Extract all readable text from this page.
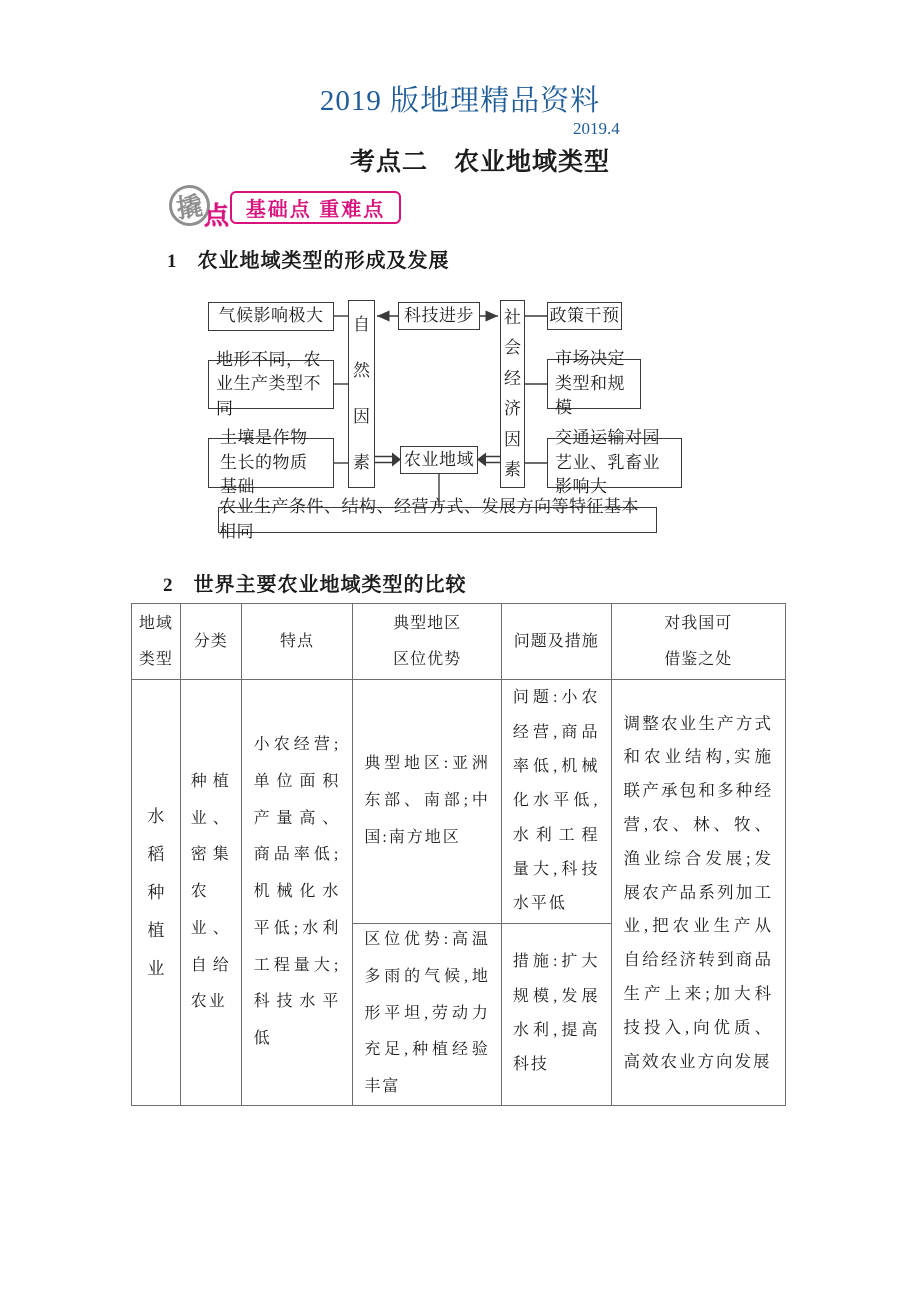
2019 版地理精品资料
2019.4
考点二　农业地域类型
撬 点 基础点 重难点
1 农业地域类型的形成及发展
气候影响极大
地形不同，农业生产类型不同
土壤是作物生长的物质基础
自然因素
科技进步
农业地域
社会经济因素
政策干预
市场决定类型和规模
交通运输对园艺业、乳畜业影响大
农业生产条件、结构、经营方式、发展方向等特征基本相同
2 世界主要农业地域类型的比较
地域
类型
分类	特点
典型地区
区位优势
问题及措施
对我国可
借鉴之处
水稻种植业
种植业、密集农业、自给农业
小农经营;单位面积产量高、商品率低;机械化水平低;水利工程量大;科技水平低
典型地区:亚洲东部、南部;中国:南方地区
区位优势:高温多雨的气候,地形平坦,劳动力充足,种植经验丰富
问题:小农经营,商品率低,机械化水平低,水利工程量大,科技水平低
措施:扩大规模,发展水利,提高科技
调整农业生产方式和农业结构,实施联产承包和多种经营,农、林、牧、渔业综合发展;发展农产品系列加工业,把农业生产从自给经济转到商品生产上来;加大科技投入,向优质、高效农业方向发展
